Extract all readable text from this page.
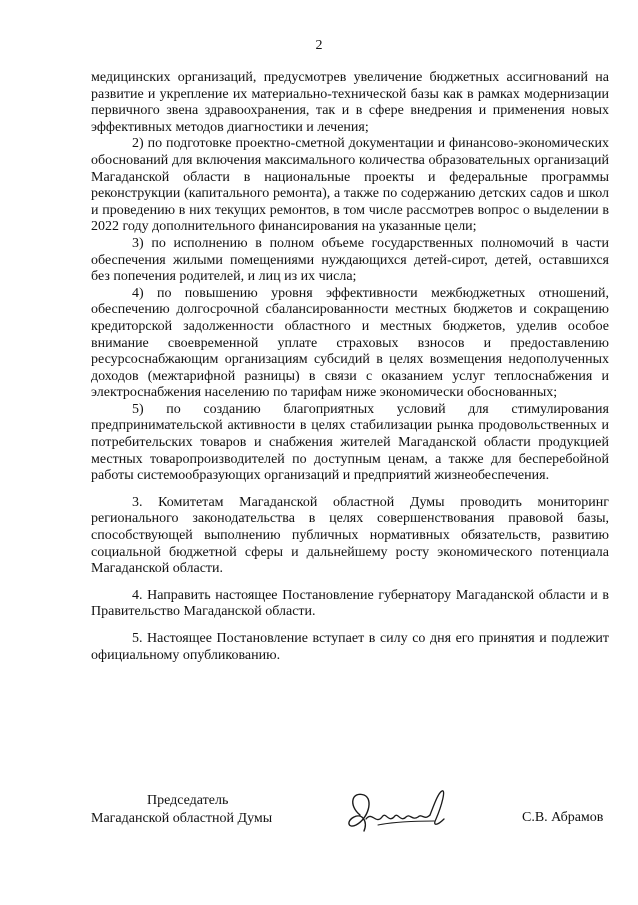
2

медицинских организаций, предусмотрев увеличение бюджетных ассигнований на развитие и укрепление их материально-технической базы как в рамках модернизации первичного звена здравоохранения, так и в сфере внедрения и применения новых эффективных методов диагностики и лечения;

2) по подготовке проектно-сметной документации и финансово-экономических обоснований для включения максимального количества образовательных организаций Магаданской области в национальные проекты и федеральные программы реконструкции (капитального ремонта), а также по содержанию детских садов и школ и проведению в них текущих ремонтов, в том числе рассмотрев вопрос о выделении в 2022 году дополнительного финансирования на указанные цели;

3) по исполнению в полном объеме государственных полномочий в части обеспечения жилыми помещениями нуждающихся детей-сирот, детей, оставшихся без попечения родителей, и лиц из их числа;

4) по повышению уровня эффективности межбюджетных отношений, обеспечению долгосрочной сбалансированности местных бюджетов и сокращению кредиторской задолженности областного и местных бюджетов, уделив особое внимание своевременной уплате страховых взносов и предоставлению ресурсоснабжающим организациям субсидий в целях возмещения недополученных доходов (межтарифной разницы) в связи с оказанием услуг теплоснабжения и электроснабжения населению по тарифам ниже экономически обоснованных;

5) по созданию благоприятных условий для стимулирования предпринимательской активности в целях стабилизации рынка продовольственных и потребительских товаров и снабжения жителей Магаданской области продукцией местных товаропроизводителей по доступным ценам, а также для бесперебойной работы системообразующих организаций и предприятий жизнеобеспечения.

3. Комитетам Магаданской областной Думы проводить мониторинг регионального законодательства в целях совершенствования правовой базы, способствующей выполнению публичных нормативных обязательств, развитию социальной бюджетной сферы и дальнейшему росту экономического потенциала Магаданской области.

4. Направить настоящее Постановление губернатору Магаданской области и в Правительство Магаданской области.

5. Настоящее Постановление вступает в силу со дня его принятия и подлежит официальному опубликованию.

Председатель
Магаданской областной Думы	С.В. Абрамов
